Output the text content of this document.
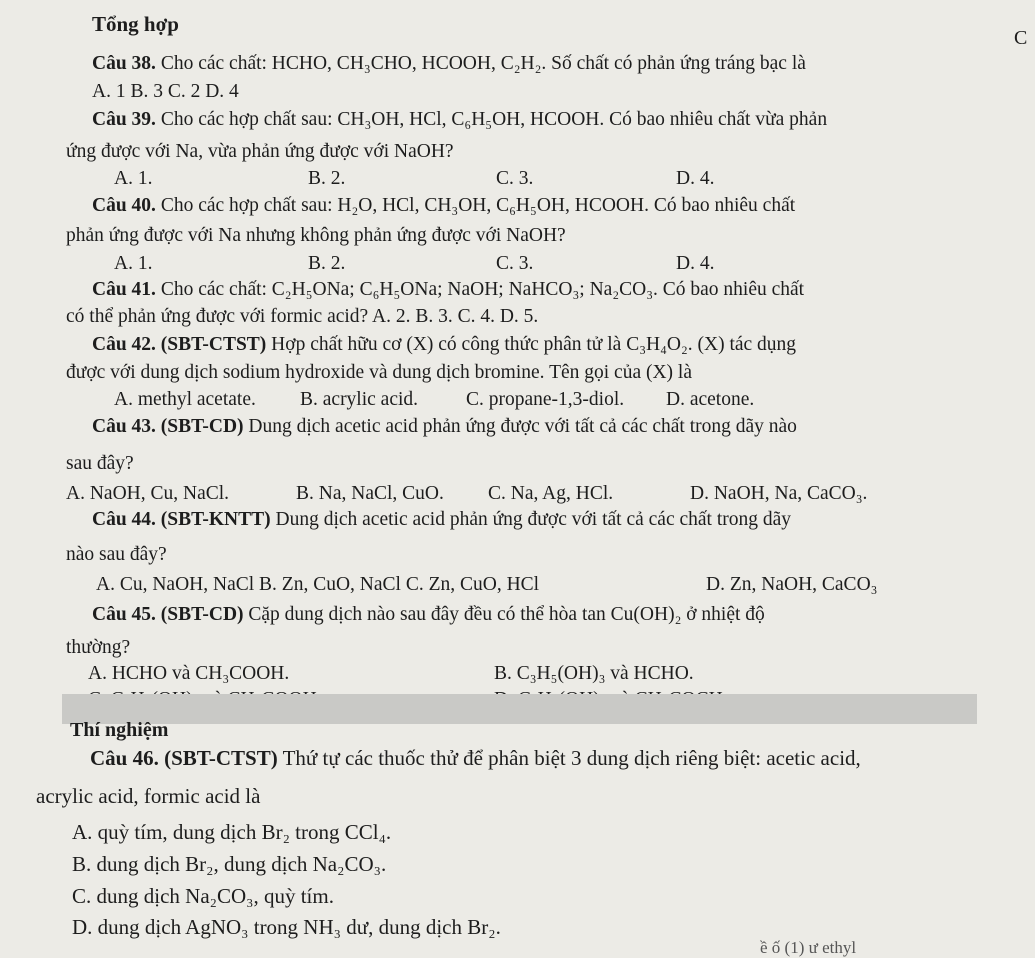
Tổng hợp
C
Câu 38. Cho các chất: HCHO, CH₃CHO, HCOOH, C₂H₂. Số chất có phản ứng tráng bạc là
A. 1 B. 3 C. 2 D. 4
Câu 39. Cho các hợp chất sau: CH₃OH, HCl, C₆H₅OH, HCOOH. Có bao nhiêu chất vừa phản
ứng được với Na, vừa phản ứng được với NaOH?
A. 1.	B. 2.	C. 3.	D. 4.
Câu 40. Cho các hợp chất sau: H₂O, HCl, CH₃OH, C₆H₅OH, HCOOH. Có bao nhiêu chất
phản ứng được với Na nhưng không phản ứng được với NaOH?
A. 1.	B. 2.	C. 3.	D. 4.
Câu 41. Cho các chất: C₂H₅ONa; C₆H₅ONa; NaOH; NaHCO₃; Na₂CO₃. Có bao nhiêu chất
có thể phản ứng được với formic acid? A. 2. B. 3. C. 4. D. 5.
Câu 42. (SBT-CTST) Hợp chất hữu cơ (X) có công thức phân tử là C₃H₄O₂. (X) tác dụng
được với dung dịch sodium hydroxide và dung dịch bromine. Tên gọi của (X) là
A. methyl acetate. B. acrylic acid. C. propane-1,3-diol. D. acetone.
Câu 43. (SBT-CD) Dung dịch acetic acid phản ứng được với tất cả các chất trong dãy nào
sau đây?
A. NaOH, Cu, NaCl.	B. Na, NaCl, CuO. C. Na, Ag, HCl.	D. NaOH, Na, CaCO₃.
Câu 44. (SBT-KNTT) Dung dịch acetic acid phản ứng được với tất cả các chất trong dãy
nào sau đây?
A. Cu, NaOH, NaCl B. Zn, CuO, NaCl C. Zn, CuO, HCl	D. Zn, NaOH, CaCO₃
Câu 45. (SBT-CD) Cặp dung dịch nào sau đây đều có thể hòa tan Cu(OH)₂ ở nhiệt độ
thường?
A. HCHO và CH₃COOH.	B. C₃H₅(OH)₃ và HCHO.
Thí nghiệm
Câu 46. (SBT-CTST) Thứ tự các thuốc thử để phân biệt 3 dung dịch riêng biệt: acetic acid,
acrylic acid, formic acid là
A. quỳ tím, dung dịch Br₂ trong CCl₄.
B. dung dịch Br₂, dung dịch Na₂CO₃.
C. dung dịch Na₂CO₃, quỳ tím.
D. dung dịch AgNO₃ trong NH₃ dư, dung dịch Br₂.
ề ố (1) ư ethyl
